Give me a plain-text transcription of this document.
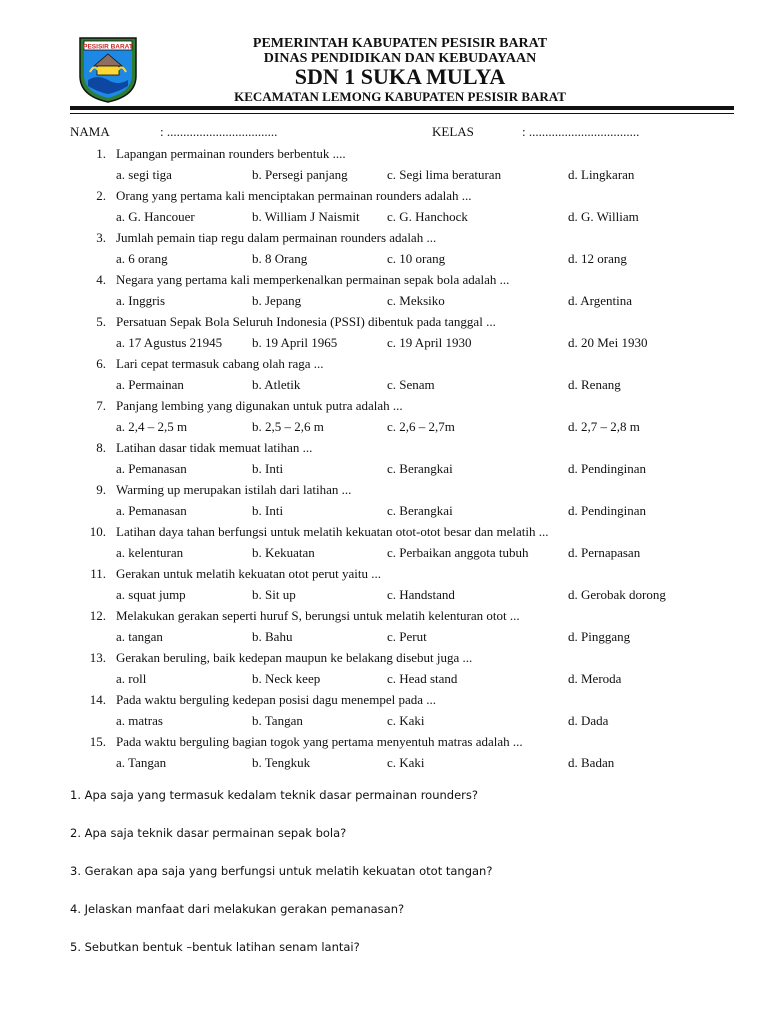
PESISIR BARAT	PEMERINTAH KABUPATEN PESISIR BARAT
DINAS PENDIDIKAN DAN KEBUDAYAAN
SDN 1 SUKA MULYA
KECAMATAN LEMONG KABUPATEN PESISIR BARAT
NAMA	: ..................................	KELAS	: ..................................
1. Lapangan permainan rounders berbentuk ....
a. segi tiga	b. Persegi panjang	c. Segi lima beraturan	d. Lingkaran
2. Orang yang pertama kali menciptakan permainan rounders adalah ...
a. G. Hancouer	b. William J Naismit c. G. Hanchock	d. G. William
3. Jumlah pemain tiap regu dalam permainan rounders adalah ...
a. 6 orang	b. 8 Orang	c. 10 orang	d. 12 orang
4. Negara yang pertama kali memperkenalkan permainan sepak bola adalah ...
a. Inggris	b. Jepang	c. Meksiko	d. Argentina
5. Persatuan Sepak Bola Seluruh Indonesia (PSSI) dibentuk pada tanggal ...
a. 17 Agustus 21945 b. 19 April 1965	c. 19 April 1930	d. 20 Mei 1930
6. Lari cepat termasuk cabang olah raga ...
a. Permainan	b. Atletik	c. Senam	d. Renang
7. Panjang lembing yang digunakan untuk putra adalah ...
a. 2,4 – 2,5 m	b. 2,5 – 2,6 m	c. 2,6 – 2,7m	d. 2,7 – 2,8 m
8. Latihan dasar tidak memuat latihan ...
a. Pemanasan	b. Inti	c. Berangkai	d. Pendinginan
9. Warming up merupakan istilah dari latihan ...
a. Pemanasan	b. Inti	c. Berangkai	d. Pendinginan
10. Latihan daya tahan berfungsi untuk melatih kekuatan otot-otot besar dan melatih ...
a. kelenturan	b. Kekuatan	c. Perbaikan anggota tubuh	d. Pernapasan
11. Gerakan untuk melatih kekuatan otot perut yaitu ...
a. squat jump	b. Sit up	c. Handstand	d. Gerobak dorong
12. Melakukan gerakan seperti huruf S, berungsi untuk melatih kelenturan otot ...
a. tangan	b. Bahu	c. Perut	d. Pinggang
13. Gerakan beruling, baik kedepan maupun ke belakang disebut juga ...
a. roll	b. Neck keep	c. Head stand	d. Meroda
14. Pada waktu berguling kedepan posisi dagu menempel pada ...
a. matras	b. Tangan	c. Kaki	d. Dada
15. Pada waktu berguling bagian togok yang pertama menyentuh matras adalah ...
a. Tangan	b. Tengkuk	c. Kaki	d. Badan
1. Apa saja yang termasuk kedalam teknik dasar permainan rounders?
2. Apa saja teknik dasar permainan sepak bola?
3. Gerakan apa saja yang berfungsi untuk melatih kekuatan otot tangan?
4. Jelaskan manfaat dari melakukan gerakan pemanasan?
5. Sebutkan bentuk –bentuk latihan senam lantai?
